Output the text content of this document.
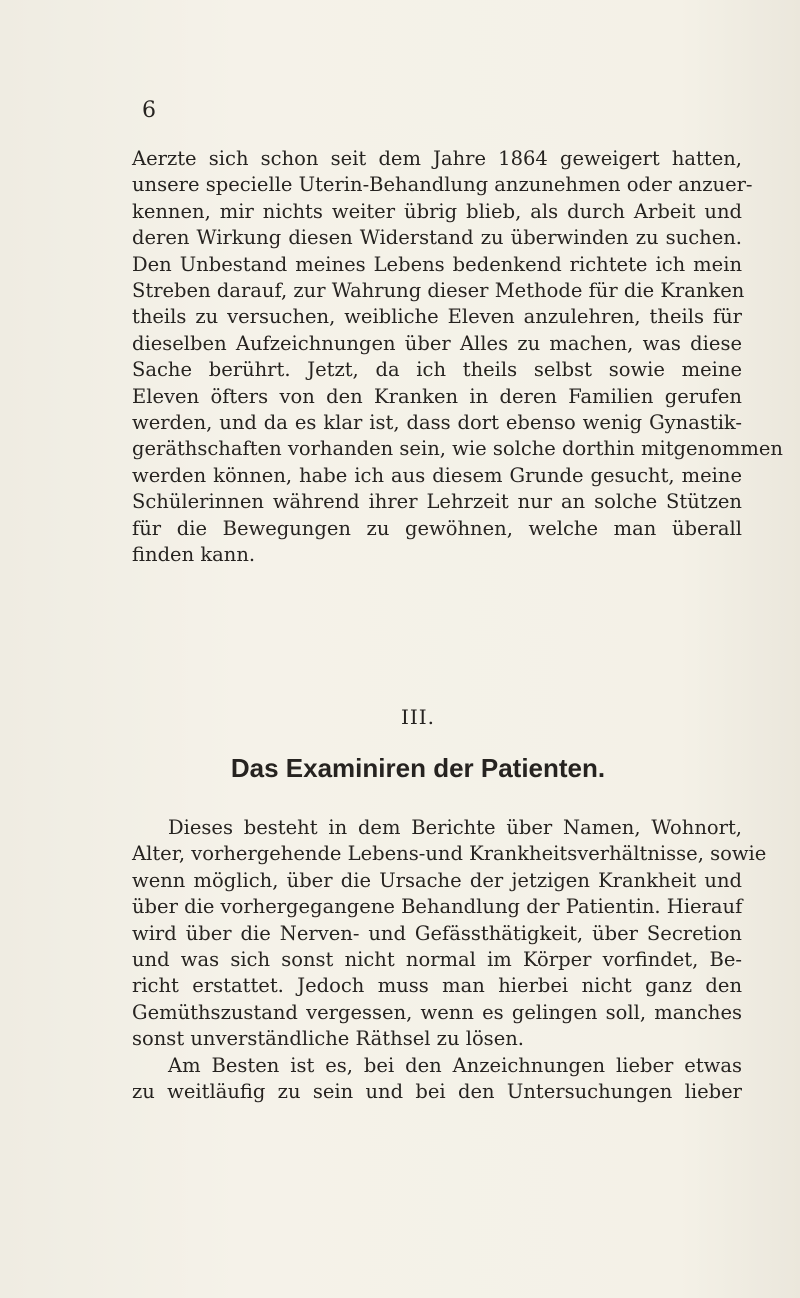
6
Aerzte sich schon seit dem Jahre 1864 geweigert hatten,
unsere specielle Uterin-Behandlung anzunehmen oder anzuer-
kennen, mir nichts weiter übrig blieb, als durch Arbeit und
deren Wirkung diesen Widerstand zu überwinden zu suchen.
Den Unbestand meines Lebens bedenkend richtete ich mein
Streben darauf, zur Wahrung dieser Methode für die Kranken
theils zu versuchen, weibliche Eleven anzulehren, theils für
dieselben Aufzeichnungen über Alles zu machen, was diese
Sache berührt. Jetzt, da ich theils selbst sowie meine
Eleven öfters von den Kranken in deren Familien gerufen
werden, und da es klar ist, dass dort ebenso wenig Gynastik-
geräthschaften vorhanden sein, wie solche dorthin mitgenommen
werden können, habe ich aus diesem Grunde gesucht, meine
Schülerinnen während ihrer Lehrzeit nur an solche Stützen
für die Bewegungen zu gewöhnen, welche man überall
finden kann.
III.
Das Examiniren der Patienten.
Dieses besteht in dem Berichte über Namen, Wohnort,
Alter, vorhergehende Lebens-und Krankheitsverhältnisse, sowie
wenn möglich, über die Ursache der jetzigen Krankheit und
über die vorhergegangene Behandlung der Patientin. Hierauf
wird über die Nerven- und Gefässthätigkeit, über Secretion
und was sich sonst nicht normal im Körper vorfindet, Be-
richt erstattet. Jedoch muss man hierbei nicht ganz den
Gemüthszustand vergessen, wenn es gelingen soll, manches
sonst unverständliche Räthsel zu lösen.
Am Besten ist es, bei den Anzeichnungen lieber etwas
zu weitläufig zu sein und bei den Untersuchungen lieber
